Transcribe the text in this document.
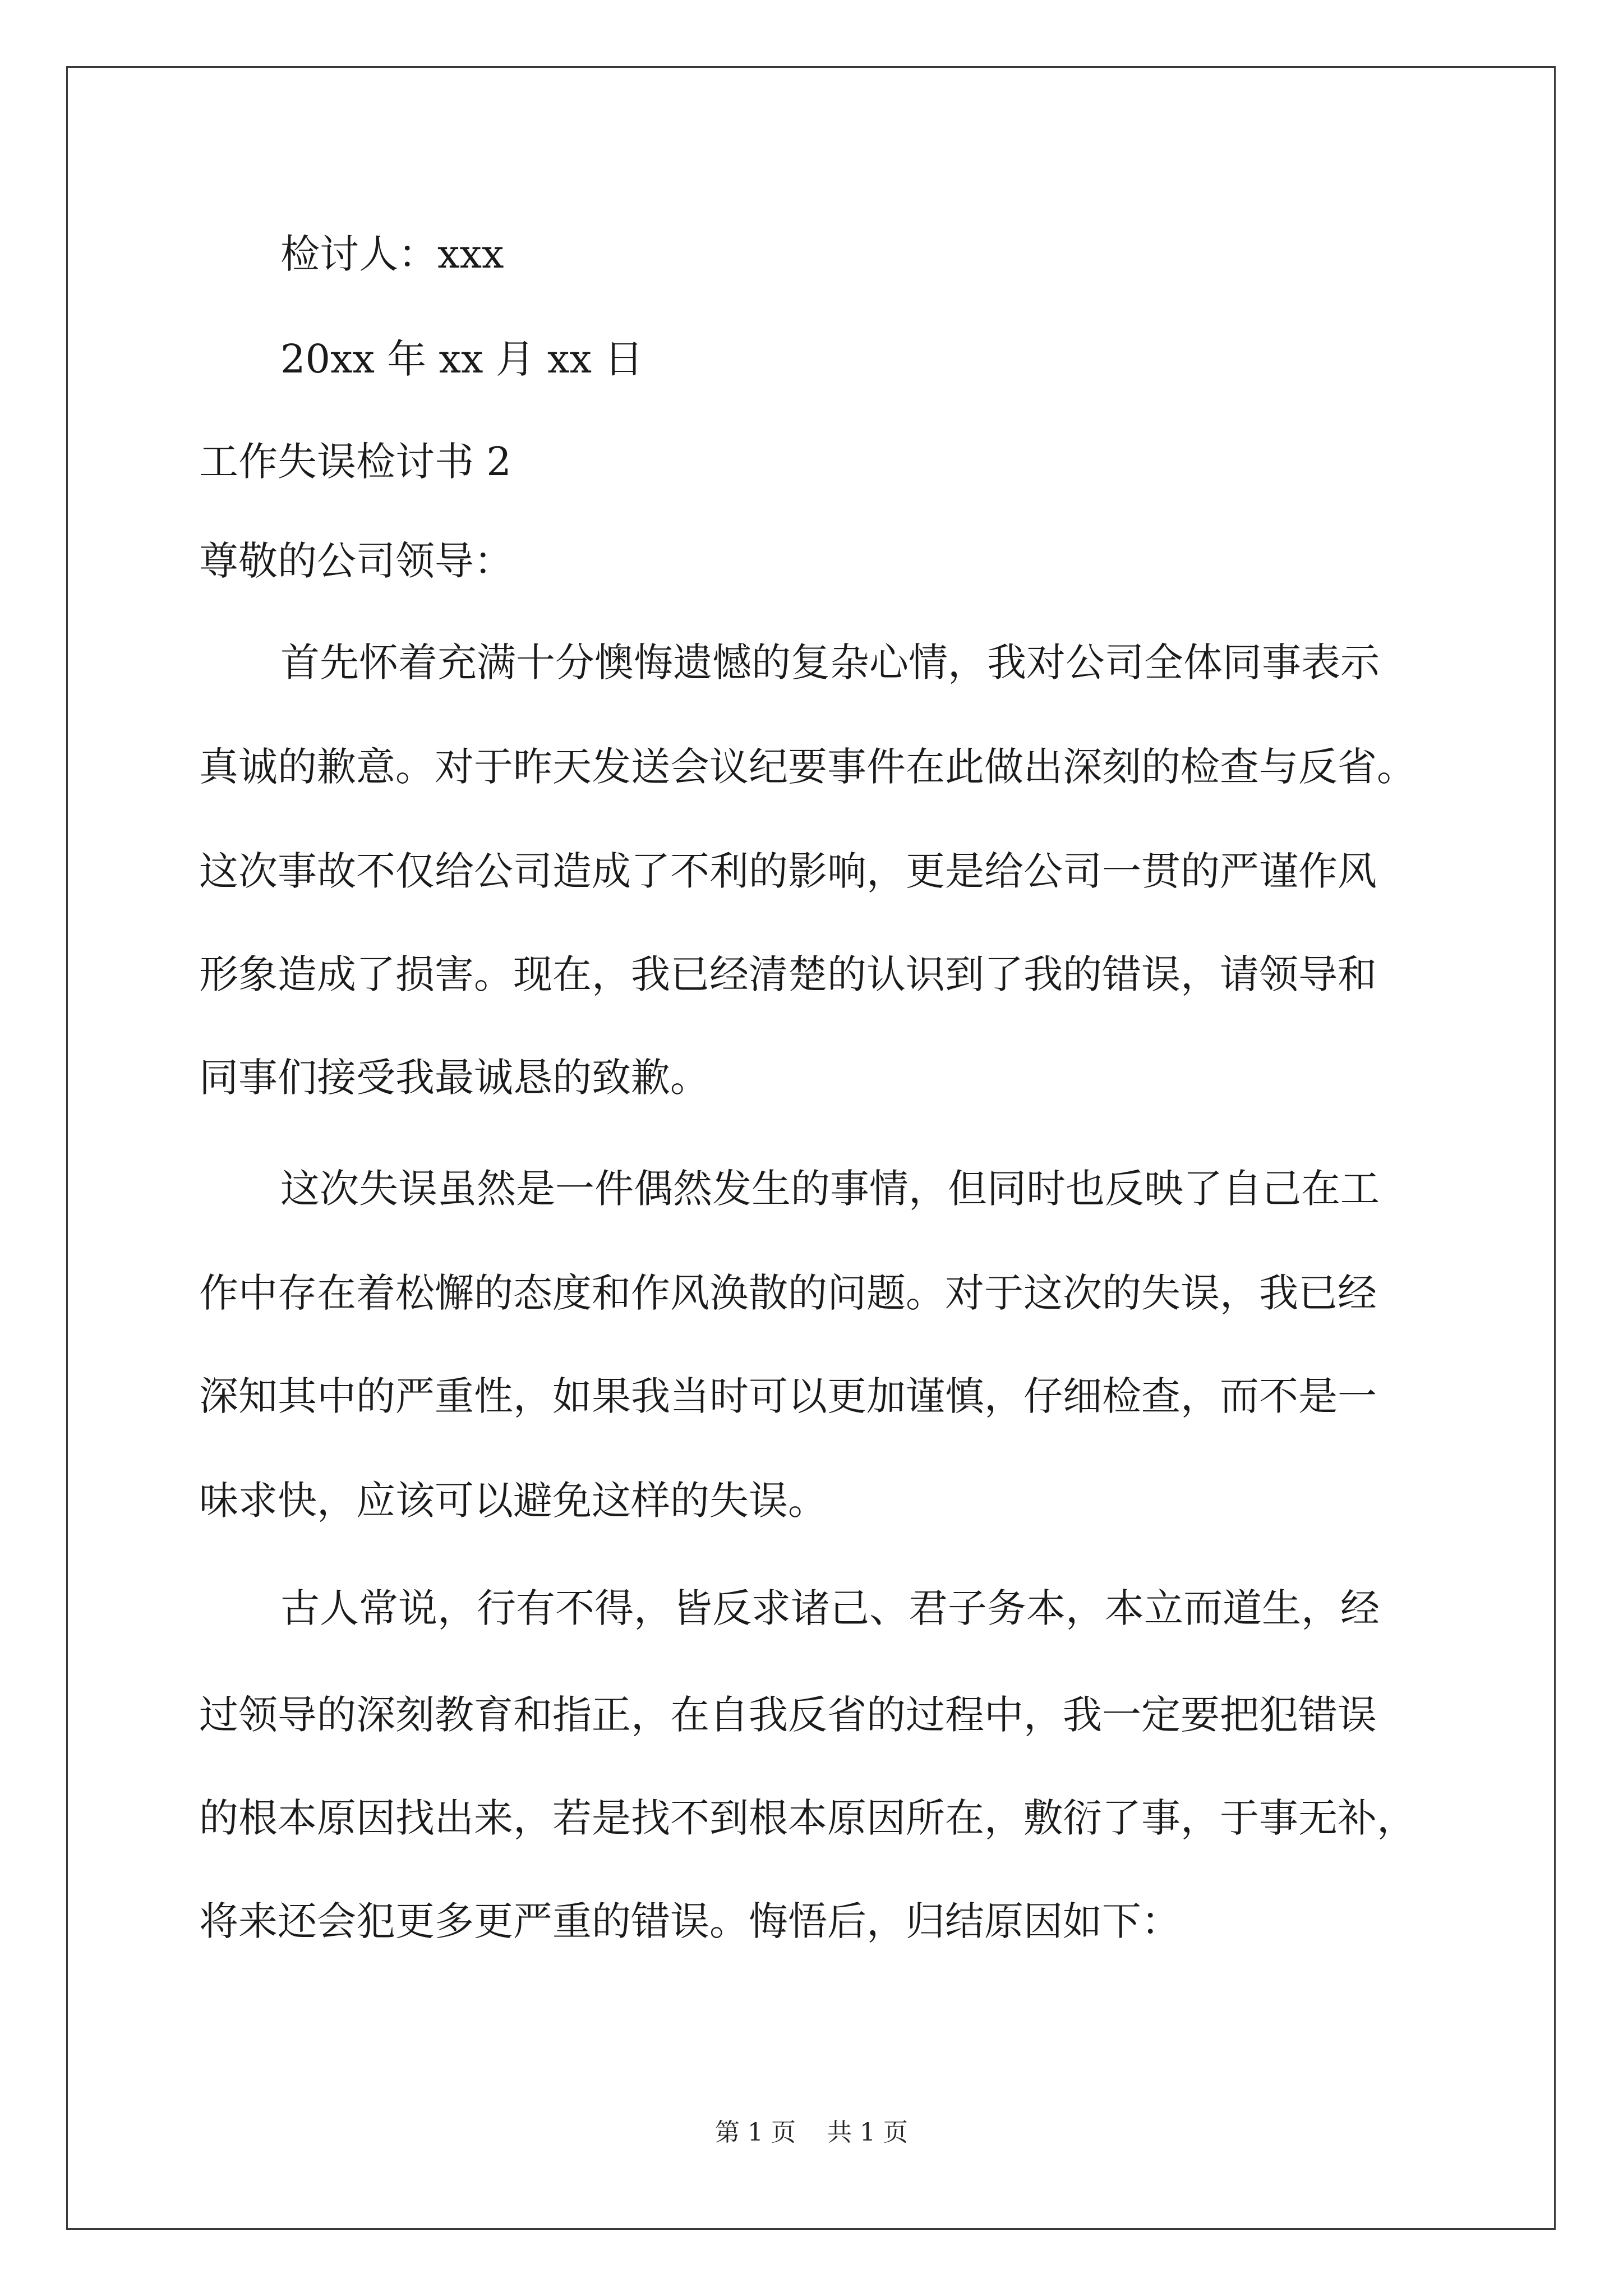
检讨人：xxx

20xx 年 xx 月 xx 日

工作失误检讨书 2

尊敬的公司领导：

首先怀着充满十分懊悔遗憾的复杂心情，我对公司全体同事表示

真诚的歉意。对于昨天发送会议纪要事件在此做出深刻的检查与反省。

这次事故不仅给公司造成了不利的影响，更是给公司一贯的严谨作风

形象造成了损害。现在，我已经清楚的认识到了我的错误，请领导和

同事们接受我最诚恳的致歉。

这次失误虽然是一件偶然发生的事情，但同时也反映了自己在工

作中存在着松懈的态度和作风涣散的问题。对于这次的失误，我已经

深知其中的严重性，如果我当时可以更加谨慎，仔细检查，而不是一

味求快，应该可以避免这样的失误。

古人常说，行有不得，皆反求诸己、君子务本，本立而道生，经

过领导的深刻教育和指正，在自我反省的过程中，我一定要把犯错误

的根本原因找出来，若是找不到根本原因所在，敷衍了事，于事无补，

将来还会犯更多更严重的错误。悔悟后，归结原因如下：

第 1 页    共 1 页
